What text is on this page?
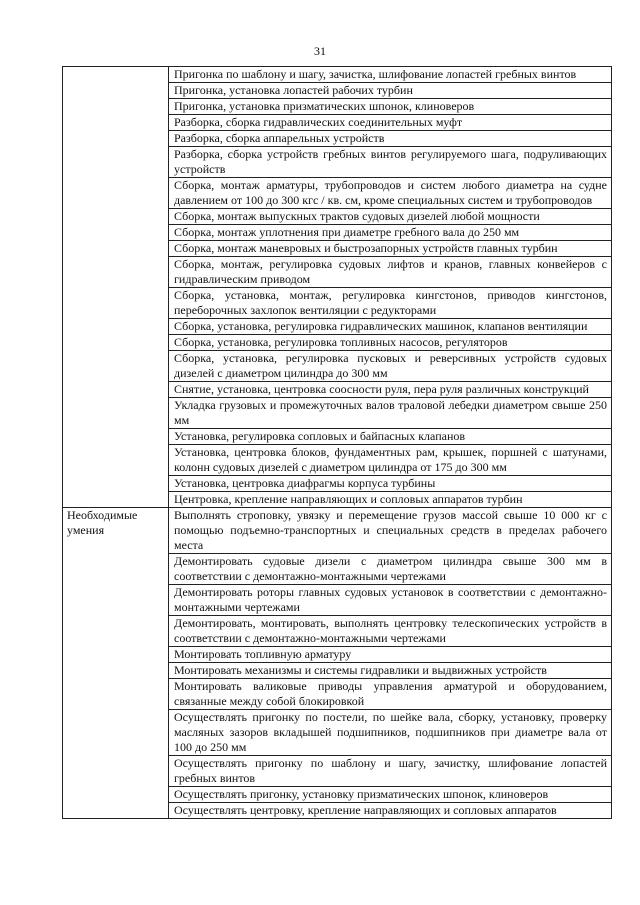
31
	Пригонка по шаблону и шагу, зачистка, шлифование лопастей гребных винтов
	Пригонка, установка лопастей рабочих турбин
	Пригонка, установка призматических шпонок, клиноверов
	Разборка, сборка гидравлических соединительных муфт
	Разборка, сборка аппарельных устройств
	Разборка, сборка устройств гребных винтов регулируемого шага, подруливающих устройств
	Сборка, монтаж арматуры, трубопроводов и систем любого диаметра на судне давлением от 100 до 300 кгс / кв. см, кроме специальных систем и трубопроводов
	Сборка, монтаж выпускных трактов судовых дизелей любой мощности
	Сборка, монтаж уплотнения при диаметре гребного вала до 250 мм
	Сборка, монтаж маневровых и быстрозапорных устройств главных турбин
	Сборка, монтаж, регулировка судовых лифтов и кранов, главных конвейеров с гидравлическим приводом
	Сборка, установка, монтаж, регулировка кингстонов, приводов кингстонов, переборочных захлопок вентиляции с редукторами
	Сборка, установка, регулировка гидравлических машинок, клапанов вентиляции
	Сборка, установка, регулировка топливных насосов, регуляторов
	Сборка, установка, регулировка пусковых и реверсивных устройств судовых дизелей с диаметром цилиндра до 300 мм
	Снятие, установка, центровка соосности руля, пера руля различных конструкций
	Укладка грузовых и промежуточных валов траловой лебедки диаметром свыше 250 мм
	Установка, регулировка сопловых и байпасных клапанов
	Установка, центровка блоков, фундаментных рам, крышек, поршней с шатунами, колонн судовых дизелей с диаметром цилиндра от 175 до 300 мм
	Установка, центровка диафрагмы корпуса турбины
	Центровка, крепление направляющих и сопловых аппаратов турбин
Необходимые умения	Выполнять строповку, увязку и перемещение грузов массой свыше 10 000 кг с помощью подъемно-транспортных и специальных средств в пределах рабочего места
	Демонтировать судовые дизели с диаметром цилиндра свыше 300 мм в соответствии с демонтажно-монтажными чертежами
	Демонтировать роторы главных судовых установок в соответствии с демонтажно-монтажными чертежами
	Демонтировать, монтировать, выполнять центровку телескопических устройств в соответствии с демонтажно-монтажными чертежами
	Монтировать топливную арматуру
	Монтировать механизмы и системы гидравлики и выдвижных устройств
	Монтировать валиковые приводы управления арматурой и оборудованием, связанные между собой блокировкой
	Осуществлять пригонку по постели, по шейке вала, сборку, установку, проверку масляных зазоров вкладышей подшипников, подшипников при диаметре вала от 100 до 250 мм
	Осуществлять пригонку по шаблону и шагу, зачистку, шлифование лопастей гребных винтов
	Осуществлять пригонку, установку призматических шпонок, клиноверов
	Осуществлять центровку, крепление направляющих и сопловых аппаратов
